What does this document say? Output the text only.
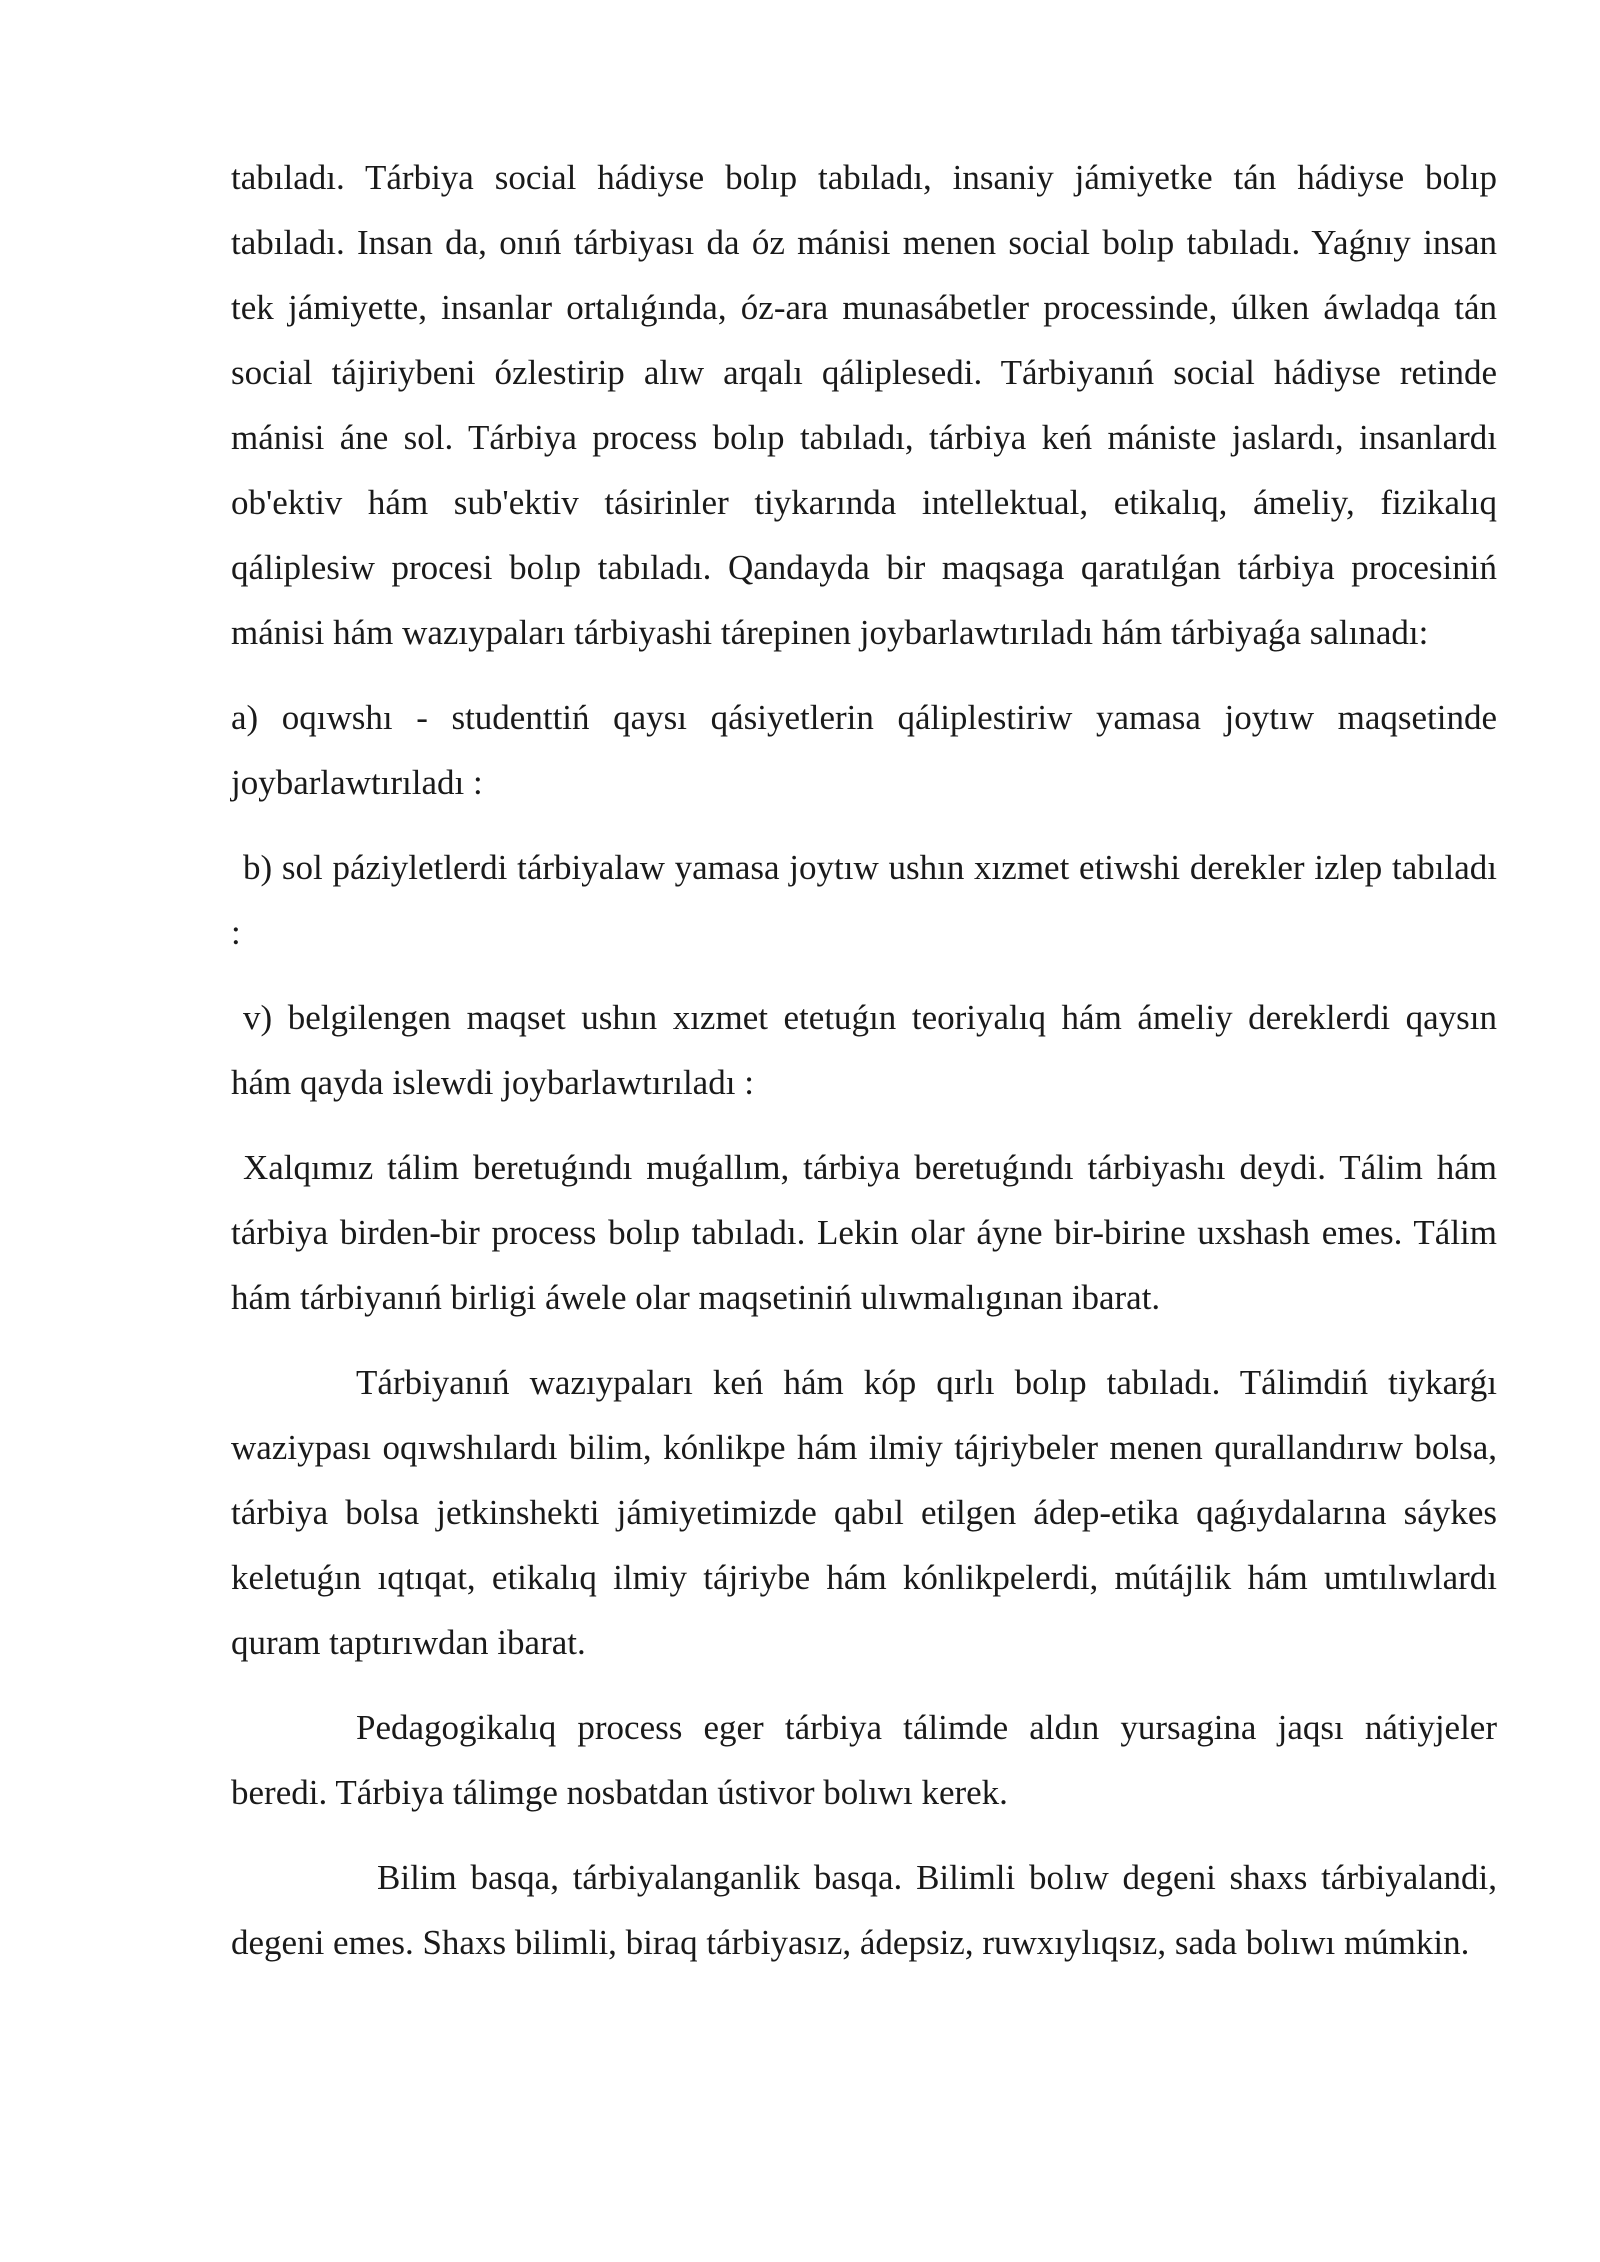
tabıladı. Tárbiya social hádiyse bolıp tabıladı, insaniy jámiyetke tán hádiyse bolıp tabıladı. Insan da, onıń tárbiyası da óz mánisi menen social bolıp tabıladı. Yaǵnıy insan tek jámiyette, insanlar ortalıǵında, óz-ara munasábetler processinde, úlken áwladqa tán social tájiriybeni ózlestirip alıw arqalı qáliplesedi. Tárbiyanıń social hádiyse retinde mánisi áne sol. Tárbiya process bolıp tabıladı, tárbiya keń mániste jaslardı, insanlardı ob'ektiv hám sub'ektiv tásirinler tiykarında intellektual, etikalıq, ámeliy, fizikalıq qáliplesiw procesi bolıp tabıladı. Qandayda bir maqsaga qaratılǵan tárbiya procesiniń mánisi hám wazıypaları tárbiyashi tárepinen joybarlawtırıladı hám tárbiyaǵa salınadı:

a) oqıwshı - studenttiń qaysı qásiyetlerin qáliplestiriw yamasa joytıw maqsetinde joybarlawtırıladı :

b) sol páziyletlerdi tárbiyalaw yamasa joytıw ushın xızmet etiwshi derekler izlep tabıladı :

v) belgilengen maqset ushın xızmet etetuǵın teoriyalıq hám ámeliy dereklerdi qaysın hám qayda islewdi joybarlawtırıladı :

Xalqımız tálim beretuǵındı muǵallım, tárbiya beretuǵındı tárbiyashı deydi. Tálim hám tárbiya birden-bir process bolıp tabıladı. Lekin olar áyne bir-birine uxshash emes. Tálim hám tárbiyanıń birligi áwele olar maqsetiniń ulıwmalıgınan ibarat.

Tárbiyanıń wazıypaları keń hám kóp qırlı bolıp tabıladı. Tálimdiń tiykarǵı waziypası oqıwshılardı bilim, kónlikpe hám ilmiy tájriybeler menen qurallandırıw bolsa, tárbiya bolsa jetkinshekti jámiyetimizde qabıl etilgen ádep-etika qaǵıydalarına sáykes keletuǵın ıqtıqat, etikalıq ilmiy tájriybe hám kónlikpelerdi, mútájlik hám umtılıwlardı quram taptırıwdan ibarat.

Pedagogikalıq process eger tárbiya tálimde aldın yursagina jaqsı nátiyjeler beredi. Tárbiya tálimge nosbatdan ústivor bolıwı kerek.

Bilim basqa, tárbiyalanganlik basqa. Bilimli bolıw degeni shaxs tárbiyalandi, degeni emes. Shaxs bilimli, biraq tárbiyasız, ádepsiz, ruwxıylıqsız, sada bolıwı múmkin.
